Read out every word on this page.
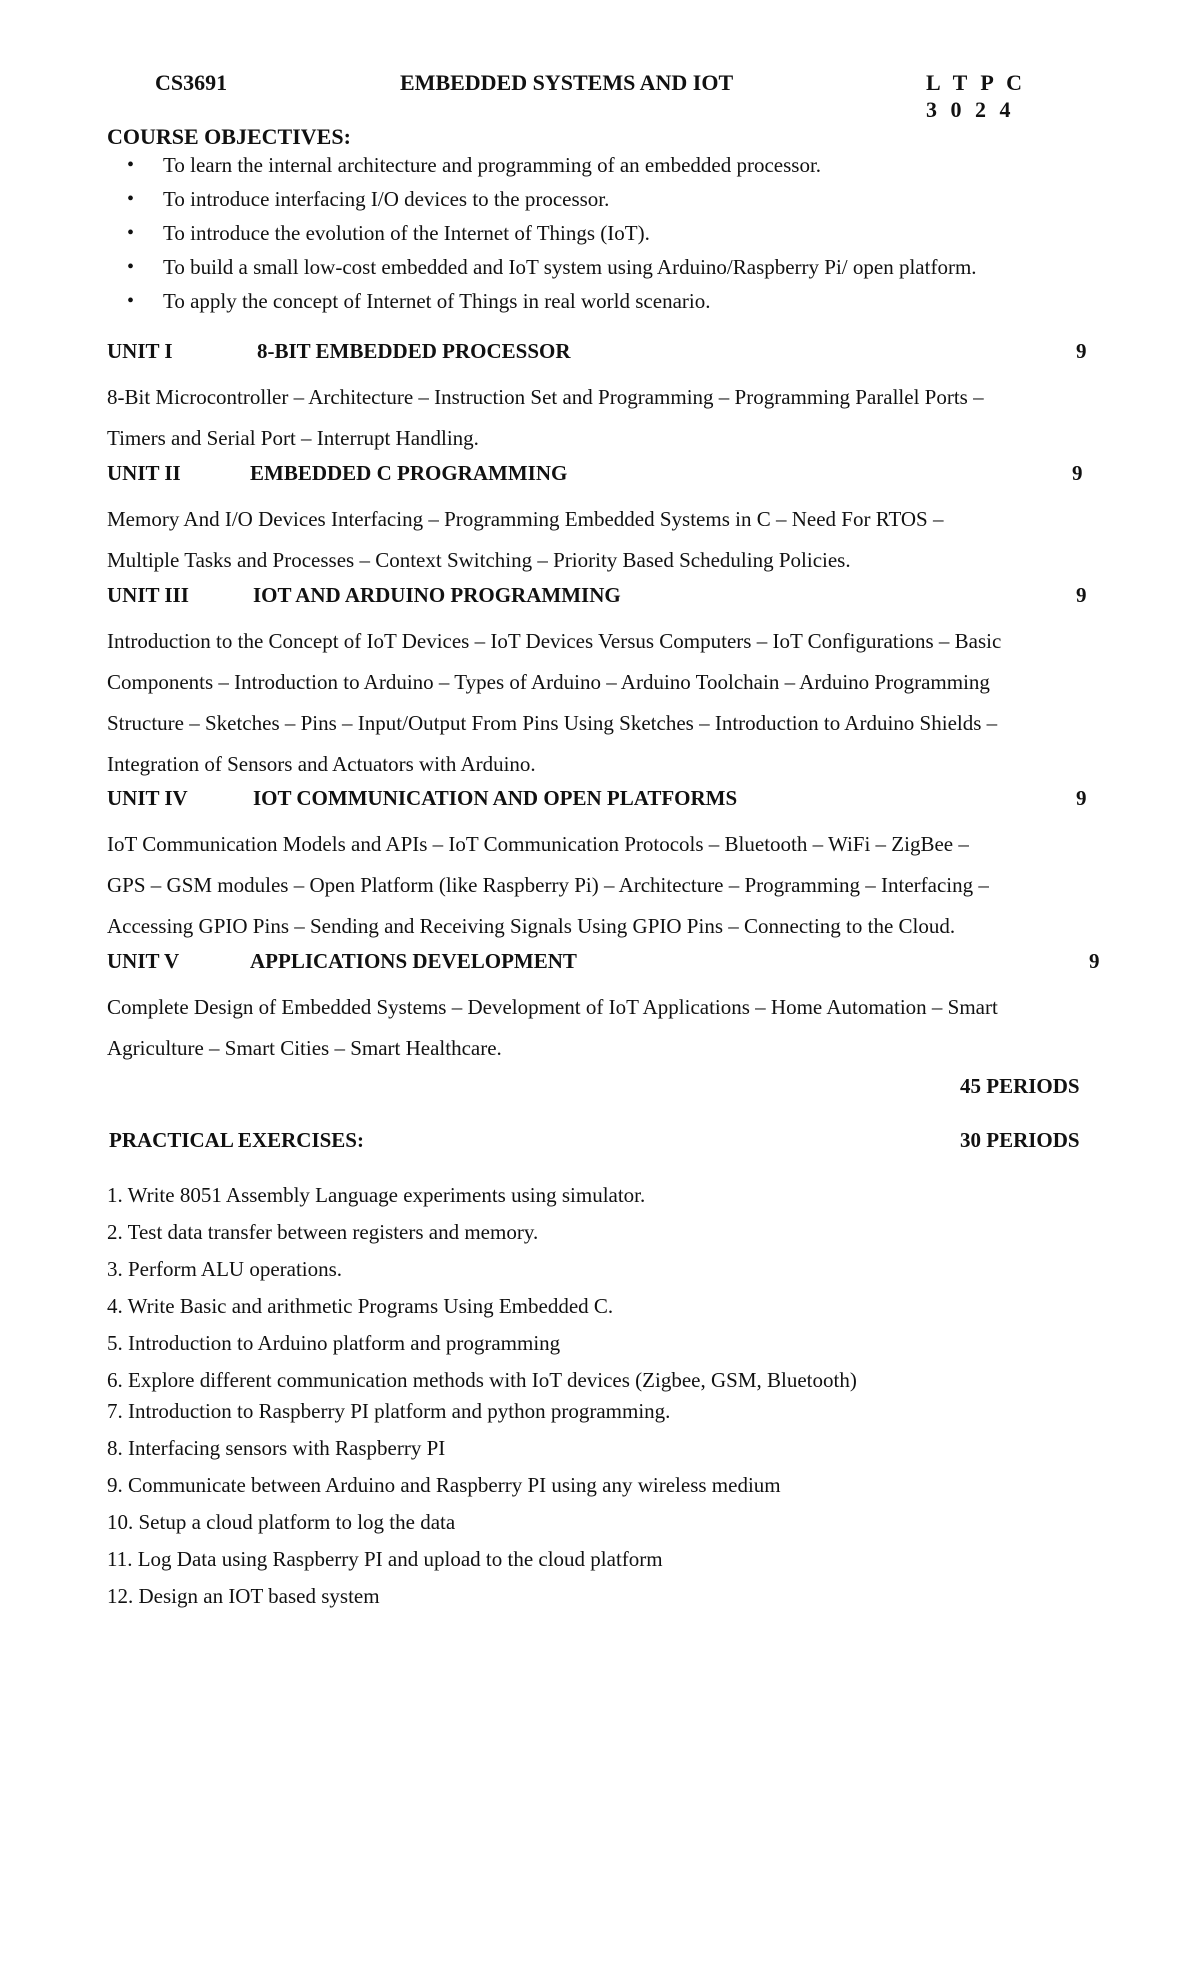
CS3691	EMBEDDED SYSTEMS AND IOT	L T P C
3 0 2 4
COURSE OBJECTIVES:
• To learn the internal architecture and programming of an embedded processor.
• To introduce interfacing I/O devices to the processor.
• To introduce the evolution of the Internet of Things (IoT).
• To build a small low-cost embedded and IoT system using Arduino/Raspberry Pi/ open platform.
• To apply the concept of Internet of Things in real world scenario.
UNIT I	8-BIT EMBEDDED PROCESSOR	9
8-Bit Microcontroller – Architecture – Instruction Set and Programming – Programming Parallel Ports –
Timers and Serial Port – Interrupt Handling.
UNIT II	EMBEDDED C PROGRAMMING	9
Memory And I/O Devices Interfacing – Programming Embedded Systems in C – Need For RTOS –
Multiple Tasks and Processes – Context Switching – Priority Based Scheduling Policies.
UNIT III	IOT AND ARDUINO PROGRAMMING	9
Introduction to the Concept of IoT Devices – IoT Devices Versus Computers – IoT Configurations – Basic
Components – Introduction to Arduino – Types of Arduino – Arduino Toolchain – Arduino Programming
Structure – Sketches – Pins – Input/Output From Pins Using Sketches – Introduction to Arduino Shields –
Integration of Sensors and Actuators with Arduino.
UNIT IV	IOT COMMUNICATION AND OPEN PLATFORMS	9
IoT Communication Models and APIs – IoT Communication Protocols – Bluetooth – WiFi – ZigBee –
GPS – GSM modules – Open Platform (like Raspberry Pi) – Architecture – Programming – Interfacing –
Accessing GPIO Pins – Sending and Receiving Signals Using GPIO Pins – Connecting to the Cloud.
UNIT V	APPLICATIONS DEVELOPMENT	9
Complete Design of Embedded Systems – Development of IoT Applications – Home Automation – Smart
Agriculture – Smart Cities – Smart Healthcare.
45 PERIODS
PRACTICAL EXERCISES:	30 PERIODS
1. Write 8051 Assembly Language experiments using simulator.
2. Test data transfer between registers and memory.
3. Perform ALU operations.
4. Write Basic and arithmetic Programs Using Embedded C.
5. Introduction to Arduino platform and programming
6. Explore different communication methods with IoT devices (Zigbee, GSM, Bluetooth)
7. Introduction to Raspberry PI platform and python programming.
8. Interfacing sensors with Raspberry PI
9. Communicate between Arduino and Raspberry PI using any wireless medium
10. Setup a cloud platform to log the data
11. Log Data using Raspberry PI and upload to the cloud platform
12. Design an IOT based system
